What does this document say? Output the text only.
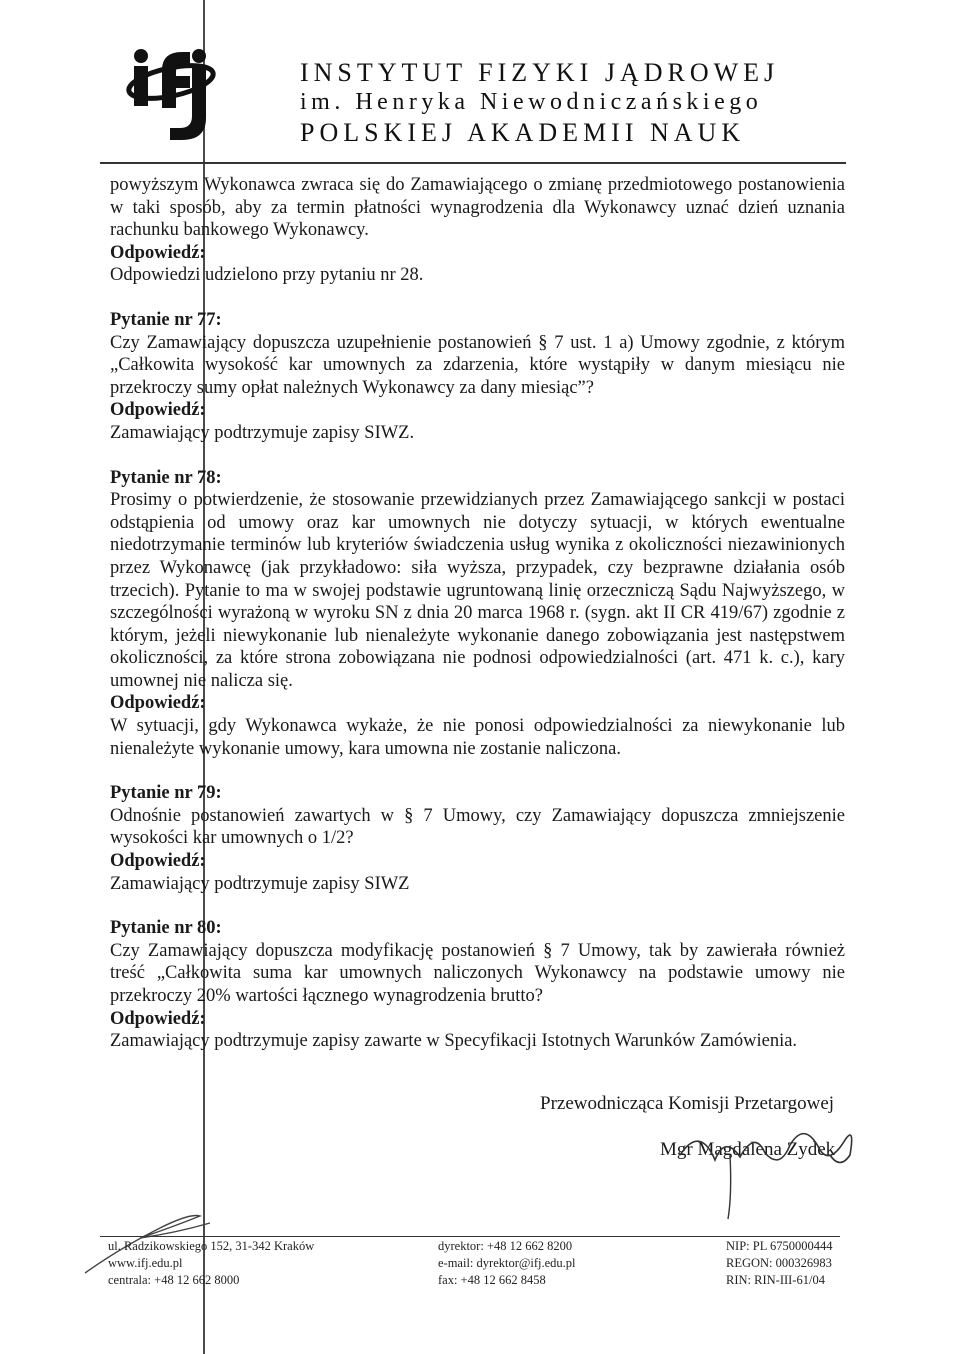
INSTYTUT FIZYKI JĄDROWEJ
im. Henryka Niewodniczańskiego
POLSKIEJ AKADEMII NAUK

powyższym Wykonawca zwraca się do Zamawiającego o zmianę przedmiotowego postanowienia w taki sposób, aby za termin płatności wynagrodzenia dla Wykonawcy uznać dzień uznania rachunku bankowego Wykonawcy.

Odpowiedź:

Odpowiedzi udzielono przy pytaniu nr 28.

Pytanie nr 77:

Czy Zamawiający dopuszcza uzupełnienie postanowień § 7 ust. 1 a) Umowy zgodnie, z którym „Całkowita wysokość kar umownych za zdarzenia, które wystąpiły w danym miesiącu nie przekroczy sumy opłat należnych Wykonawcy za dany miesiąc”?

Odpowiedź:

Zamawiający podtrzymuje zapisy SIWZ.

Pytanie nr 78:

Prosimy o potwierdzenie, że stosowanie przewidzianych przez Zamawiającego sankcji w postaci odstąpienia od umowy oraz kar umownych nie dotyczy sytuacji, w których ewentualne niedotrzymanie terminów lub kryteriów świadczenia usług wynika z okoliczności niezawinionych przez Wykonawcę (jak przykładowo: siła wyższa, przypadek, czy bezprawne działania osób trzecich). Pytanie to ma w swojej podstawie ugruntowaną linię orzeczniczą Sądu Najwyższego, w szczególności wyrażoną w wyroku SN z dnia 20 marca 1968 r. (sygn. akt II CR 419/67) zgodnie z którym, jeżeli niewykonanie lub nienależyte wykonanie danego zobowiązania jest następstwem okoliczności, za które strona zobowiązana nie podnosi odpowiedzialności (art. 471 k. c.), kary umownej nie nalicza się.

Odpowiedź:

W sytuacji, gdy Wykonawca wykaże, że nie ponosi odpowiedzialności za niewykonanie lub nienależyte wykonanie umowy, kara umowna nie zostanie naliczona.

Pytanie nr 79:

Odnośnie postanowień zawartych w § 7 Umowy, czy Zamawiający dopuszcza zmniejszenie wysokości kar umownych o 1/2?

Odpowiedź:

Zamawiający podtrzymuje zapisy SIWZ

Pytanie nr 80:

Czy Zamawiający dopuszcza modyfikację postanowień § 7 Umowy, tak by zawierała również treść „Całkowita suma kar umownych naliczonych Wykonawcy na podstawie umowy nie przekroczy 20% wartości łącznego wynagrodzenia brutto?

Odpowiedź:

Zamawiający podtrzymuje zapisy zawarte w Specyfikacji Istotnych Warunków Zamówienia.

Przewodnicząca Komisji Przetargowej
Mgr Magdalena Zydek
ul. Radzikowskiego 152, 31-342 Kraków
www.ifj.edu.pl
centrala: +48 12 662 8000
dyrektor: +48 12 662 8200
e-mail: dyrektor@ifj.edu.pl
fax: +48 12 662 8458
NIP: PL 6750000444
REGON: 000326983
RIN: RIN-III-61/04
